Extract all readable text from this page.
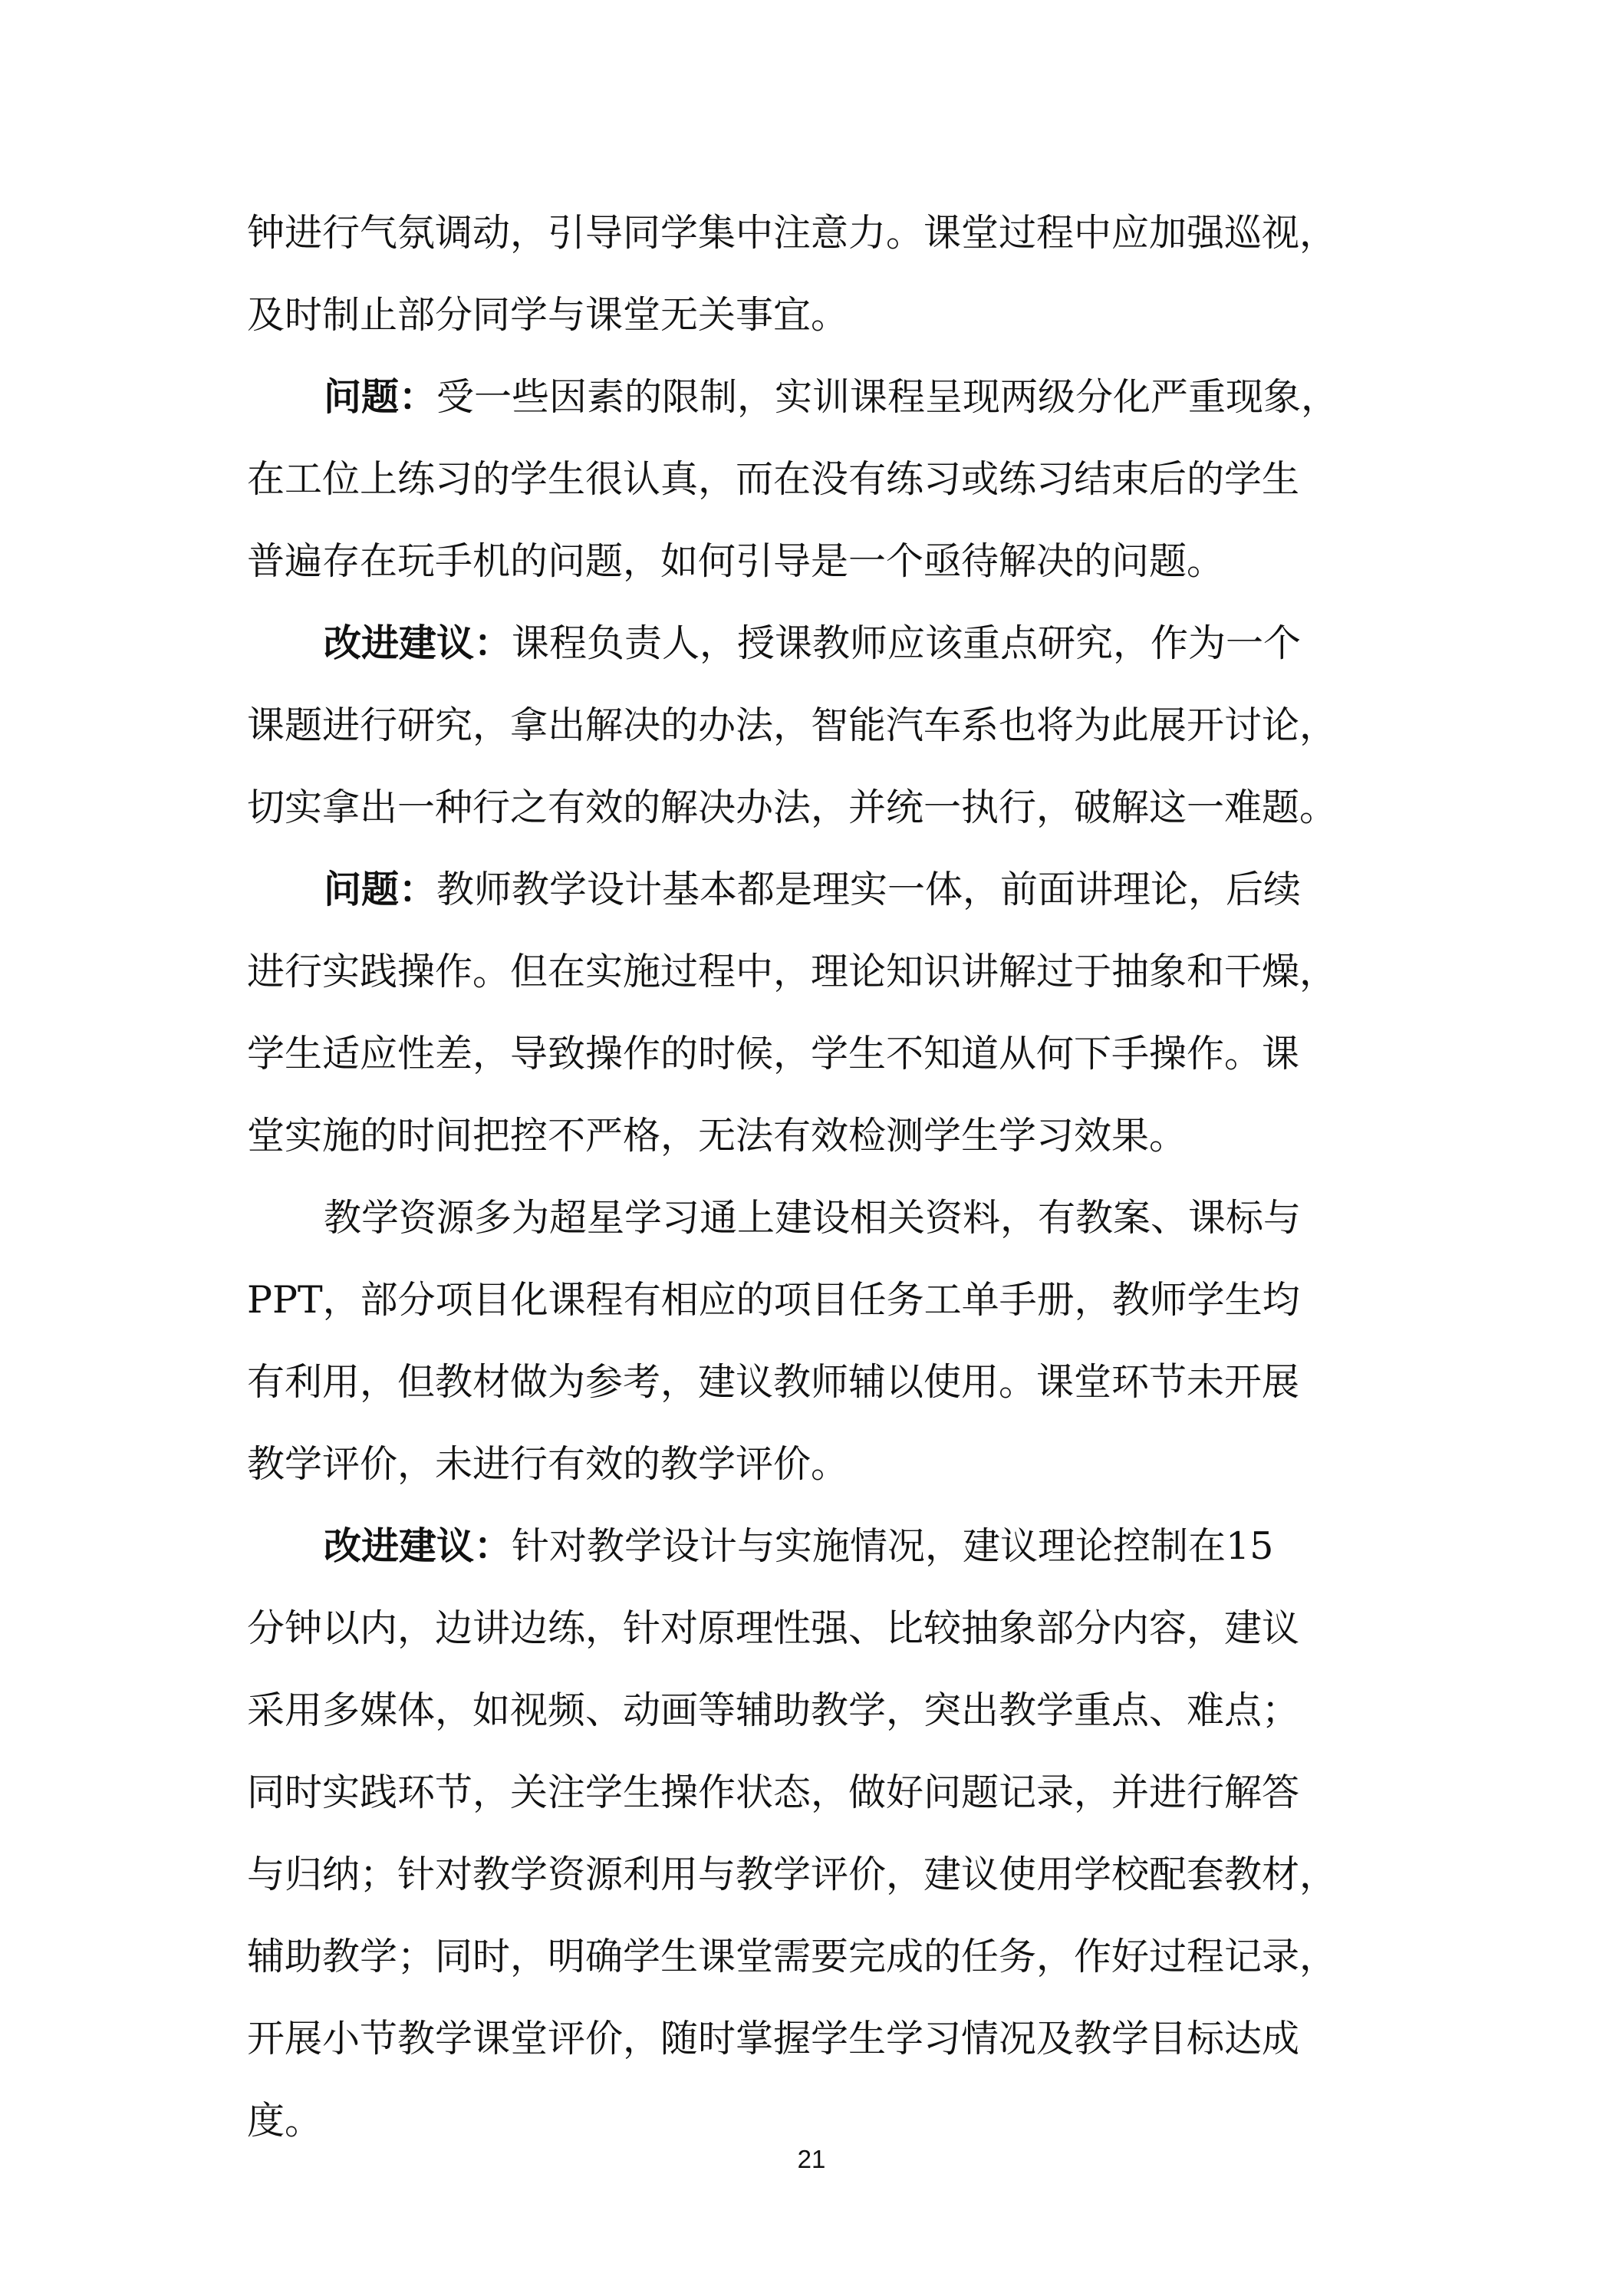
钟进行气氛调动，引导同学集中注意力。课堂过程中应加强巡视，
及时制止部分同学与课堂无关事宜。
问题：受一些因素的限制，实训课程呈现两级分化严重现象，
在工位上练习的学生很认真，而在没有练习或练习结束后的学生
普遍存在玩手机的问题，如何引导是一个亟待解决的问题。
改进建议：课程负责人，授课教师应该重点研究，作为一个
课题进行研究，拿出解决的办法，智能汽车系也将为此展开讨论，
切实拿出一种行之有效的解决办法，并统一执行，破解这一难题。
问题：教师教学设计基本都是理实一体，前面讲理论，后续
进行实践操作。但在实施过程中，理论知识讲解过于抽象和干燥，
学生适应性差，导致操作的时候，学生不知道从何下手操作。课
堂实施的时间把控不严格，无法有效检测学生学习效果。
教学资源多为超星学习通上建设相关资料，有教案、课标与
PPT，部分项目化课程有相应的项目任务工单手册，教师学生均
有利用，但教材做为参考，建议教师辅以使用。课堂环节未开展
教学评价，未进行有效的教学评价。
改进建议：针对教学设计与实施情况，建议理论控制在15
分钟以内，边讲边练，针对原理性强、比较抽象部分内容，建议
采用多媒体，如视频、动画等辅助教学，突出教学重点、难点；
同时实践环节，关注学生操作状态，做好问题记录，并进行解答
与归纳；针对教学资源利用与教学评价，建议使用学校配套教材，
辅助教学；同时，明确学生课堂需要完成的任务，作好过程记录，
开展小节教学课堂评价，随时掌握学生学习情况及教学目标达成
度。
21
